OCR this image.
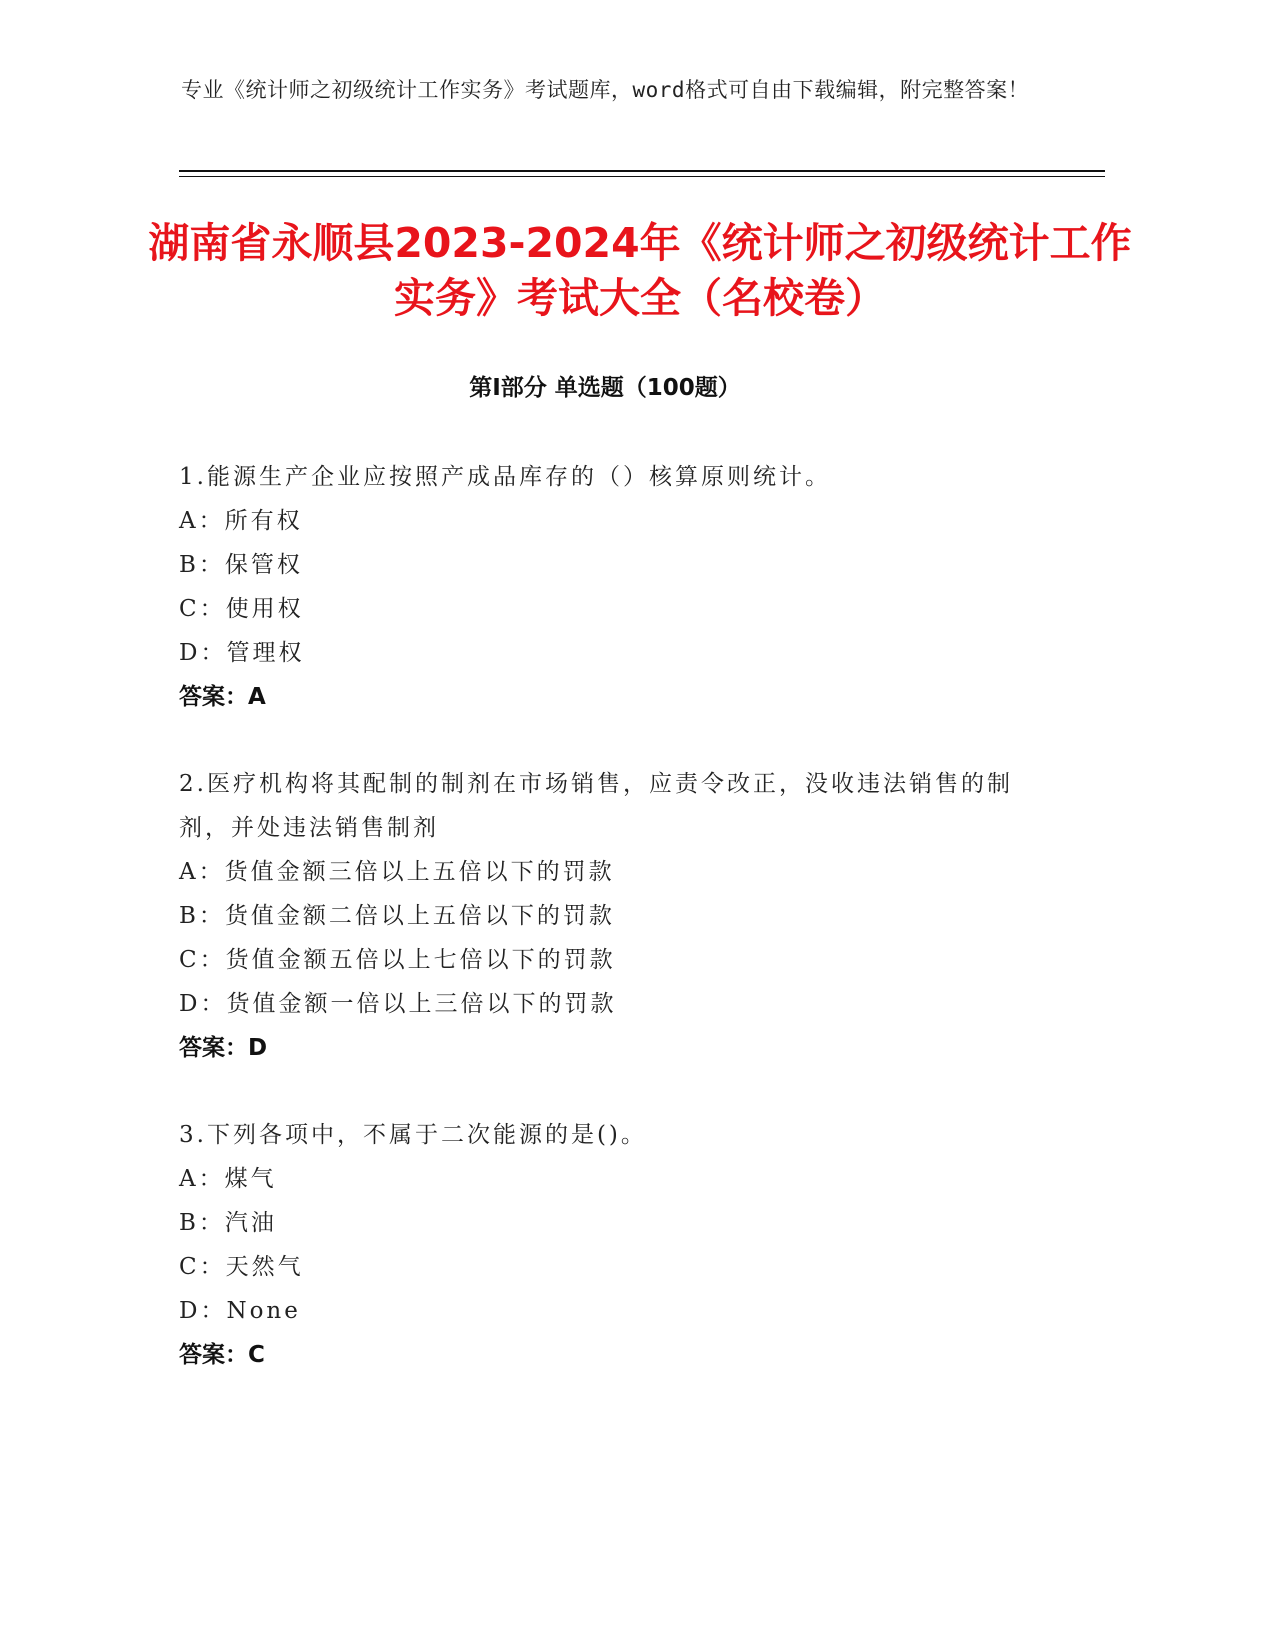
专业《统计师之初级统计工作实务》考试题库，word格式可自由下载编辑，附完整答案！
湖南省永顺县2023-2024年《统计师之初级统计工作实务》考试大全（名校卷）
第I部分 单选题（100题）

1.能源生产企业应按照产成品库存的（）核算原则统计。

A：所有权

B：保管权

C：使用权

D：管理权

答案：A

2.医疗机构将其配制的制剂在市场销售，应责令改正，没收违法销售的制剂，并处违法销售制剂

A：货值金额三倍以上五倍以下的罚款

B：货值金额二倍以上五倍以下的罚款

C：货值金额五倍以上七倍以下的罚款

D：货值金额一倍以上三倍以下的罚款

答案：D

3.下列各项中，不属于二次能源的是()。

A：煤气

B：汽油

C：天然气

D：None

答案：C
